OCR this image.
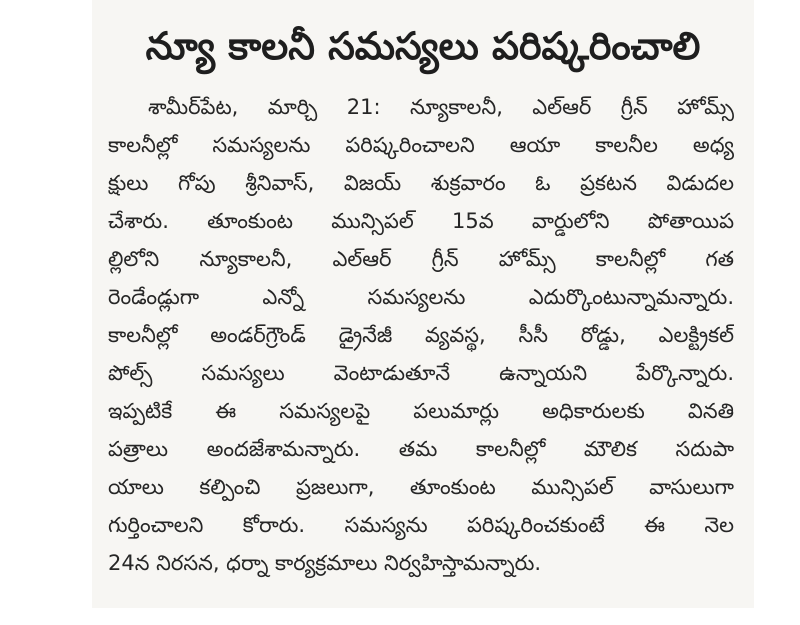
న్యూ కాలనీ సమస్యలు పరిష్కరించాలి
శామీర్‌పేట, మార్చి 21: న్యూకాలనీ, ఎల్‌ఆర్ గ్రీన్ హోమ్స్
కాలనీల్లో సమస్యలను పరిష్కరించాలని ఆయా కాలనీల అధ్య
క్షులు గోపు శ్రీనివాస్, విజయ్ శుక్రవారం ఓ ప్రకటన విడుదల
చేశారు. తూంకుంట మున్సిపల్ 15వ వార్డులోని పోతాయిప
ల్లిలోని న్యూకాలనీ, ఎల్‌ఆర్ గ్రీన్ హోమ్స్ కాలనీల్లో గత
రెండేండ్లుగా ఎన్నో సమస్యలను ఎదుర్కొంటున్నామన్నారు.
కాలనీల్లో అండర్‌గ్రౌండ్ డ్రైనేజీ వ్యవస్థ, సీసీ రోడ్డు, ఎలక్ట్రికల్
పోల్స్ సమస్యలు వెంటాడుతూనే ఉన్నాయని పేర్కొన్నారు.
ఇప్పటికే ఈ సమస్యలపై పలుమార్లు అధికారులకు వినతి
పత్రాలు అందజేశామన్నారు. తమ కాలనీల్లో మౌలిక సదుపా
యాలు కల్పించి ప్రజలుగా, తూంకుంట మున్సిపల్ వాసులుగా
గుర్తించాలని కోరారు. సమస్యను పరిష్కరించకుంటే ఈ నెల
24న నిరసన, ధర్నా కార్యక్రమాలు నిర్వహిస్తామన్నారు.
